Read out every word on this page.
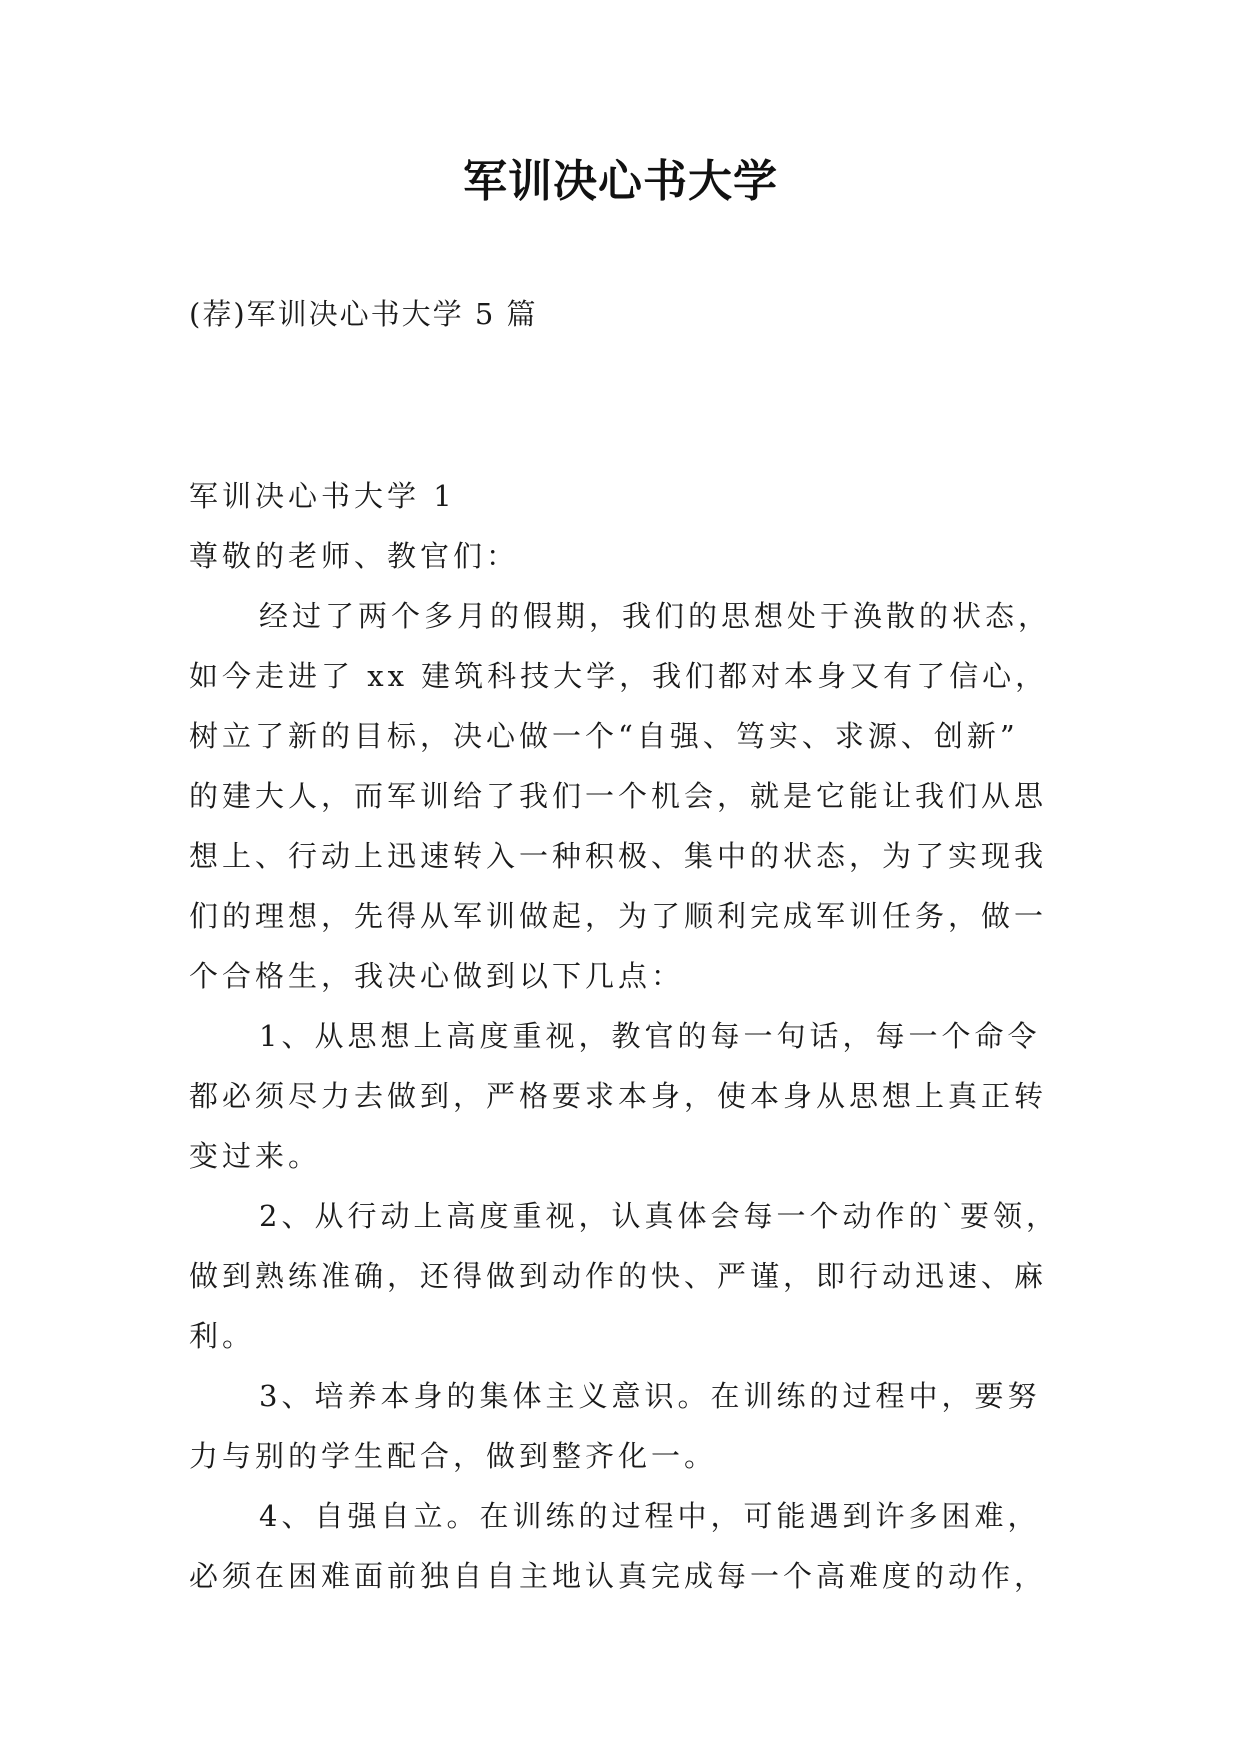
军训决心书大学
(荐)军训决心书大学 5 篇
军训决心书大学 1
尊敬的老师、教官们：
经过了两个多月的假期，我们的思想处于涣散的状态，
如今走进了 xx 建筑科技大学，我们都对本身又有了信心，
树立了新的目标，决心做一个“自强、笃实、求源、创新”
的建大人，而军训给了我们一个机会，就是它能让我们从思
想上、行动上迅速转入一种积极、集中的状态，为了实现我
们的理想，先得从军训做起，为了顺利完成军训任务，做一
个合格生，我决心做到以下几点：
1、从思想上高度重视，教官的每一句话，每一个命令
都必须尽力去做到，严格要求本身，使本身从思想上真正转
变过来。
2、从行动上高度重视，认真体会每一个动作的`要领，
做到熟练准确，还得做到动作的快、严谨，即行动迅速、麻
利。
3、培养本身的集体主义意识。在训练的过程中，要努
力与别的学生配合，做到整齐化一。
4、自强自立。在训练的过程中，可能遇到许多困难，
必须在困难面前独自自主地认真完成每一个高难度的动作，
